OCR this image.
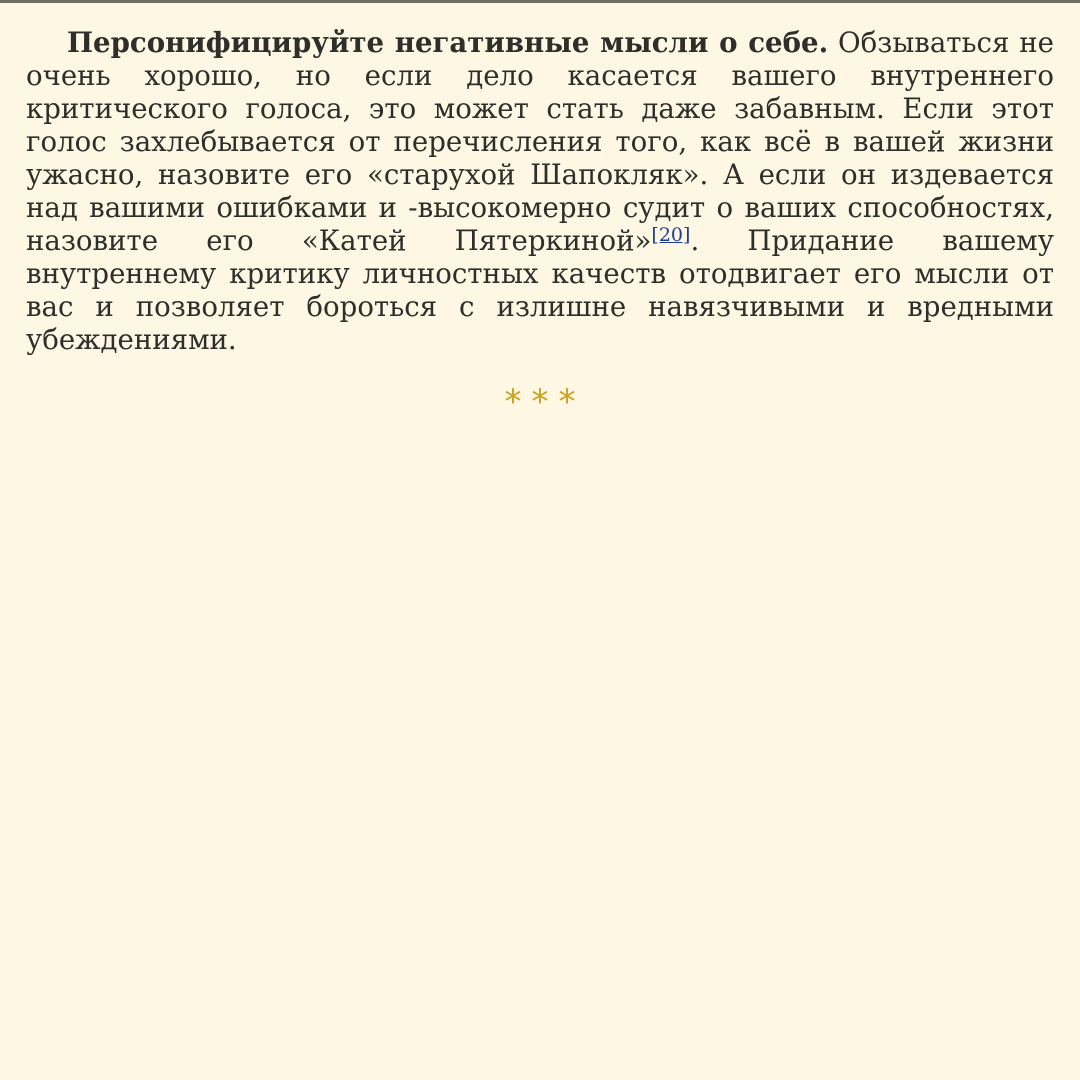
Персонифицируйте негативные мысли о себе. Обзываться не очень хорошо, но если дело касается вашего внутреннего критического голоса, это может стать даже забавным. Если этот голос захлебывается от перечисления того, как всё в вашей жизни ужасно, назовите его «старухой Шапокляк». А если он издевается над вашими ошибками и -высокомерно судит о ваших способностях, назовите его «Катей Пятеркиной»[20]. Придание вашему внутреннему критику личностных качеств отодвигает его мысли от вас и позволяет бороться с излишне навязчивыми и вредными убеждениями.

***
